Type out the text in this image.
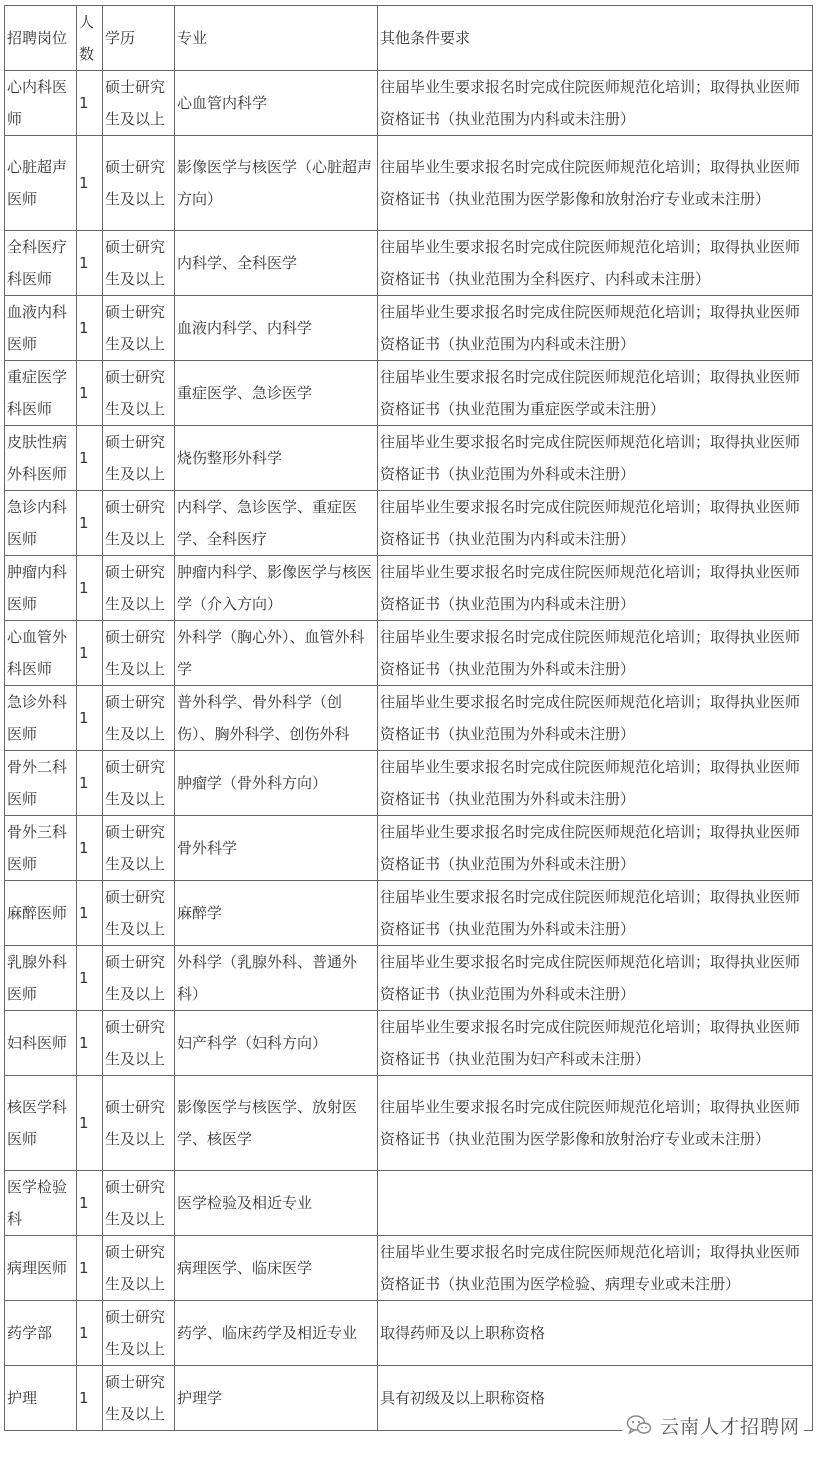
招聘岗位	人数	学历	专业	其他条件要求
心内科医师	1	硕士研究生及以上	心血管内科学	往届毕业生要求报名时完成住院医师规范化培训；取得执业医师资格证书（执业范围为内科或未注册）
心脏超声医师	1	硕士研究生及以上	影像医学与核医学（心脏超声方向）	往届毕业生要求报名时完成住院医师规范化培训；取得执业医师资格证书（执业范围为医学影像和放射治疗专业或未注册）
全科医疗科医师	1	硕士研究生及以上	内科学、全科医学	往届毕业生要求报名时完成住院医师规范化培训；取得执业医师资格证书（执业范围为全科医疗、内科或未注册）
血液内科医师	1	硕士研究生及以上	血液内科学、内科学	往届毕业生要求报名时完成住院医师规范化培训；取得执业医师资格证书（执业范围为内科或未注册）
重症医学科医师	1	硕士研究生及以上	重症医学、急诊医学	往届毕业生要求报名时完成住院医师规范化培训；取得执业医师资格证书（执业范围为重症医学或未注册）
皮肤性病外科医师	1	硕士研究生及以上	烧伤整形外科学	往届毕业生要求报名时完成住院医师规范化培训；取得执业医师资格证书（执业范围为外科或未注册）
急诊内科医师	1	硕士研究生及以上	内科学、急诊医学、重症医学、全科医疗	往届毕业生要求报名时完成住院医师规范化培训；取得执业医师资格证书（执业范围为内科或未注册）
肿瘤内科医师	1	硕士研究生及以上	肿瘤内科学、影像医学与核医学（介入方向）	往届毕业生要求报名时完成住院医师规范化培训；取得执业医师资格证书（执业范围为内科或未注册）
心血管外科医师	1	硕士研究生及以上	外科学（胸心外）、血管外科学	往届毕业生要求报名时完成住院医师规范化培训；取得执业医师资格证书（执业范围为外科或未注册）
急诊外科医师	1	硕士研究生及以上	普外科学、骨外科学（创伤）、胸外科学、创伤外科	往届毕业生要求报名时完成住院医师规范化培训；取得执业医师资格证书（执业范围为外科或未注册）
骨外二科医师	1	硕士研究生及以上	肿瘤学（骨外科方向）	往届毕业生要求报名时完成住院医师规范化培训；取得执业医师资格证书（执业范围为外科或未注册）
骨外三科医师	1	硕士研究生及以上	骨外科学	往届毕业生要求报名时完成住院医师规范化培训；取得执业医师资格证书（执业范围为外科或未注册）
麻醉医师	1	硕士研究生及以上	麻醉学	往届毕业生要求报名时完成住院医师规范化培训；取得执业医师资格证书（执业范围为外科或未注册）
乳腺外科医师	1	硕士研究生及以上	外科学（乳腺外科、普通外科）	往届毕业生要求报名时完成住院医师规范化培训；取得执业医师资格证书（执业范围为外科或未注册）
妇科医师	1	硕士研究生及以上	妇产科学（妇科方向）	往届毕业生要求报名时完成住院医师规范化培训；取得执业医师资格证书（执业范围为妇产科或未注册）
核医学科医师	1	硕士研究生及以上	影像医学与核医学、放射医学、核医学	往届毕业生要求报名时完成住院医师规范化培训；取得执业医师资格证书（执业范围为医学影像和放射治疗专业或未注册）
医学检验科	1	硕士研究生及以上	医学检验及相近专业	
病理医师	1	硕士研究生及以上	病理医学、临床医学	往届毕业生要求报名时完成住院医师规范化培训；取得执业医师资格证书（执业范围为医学检验、病理专业或未注册）
药学部	1	硕士研究生及以上	药学、临床药学及相近专业	取得药师及以上职称资格
护理	1	硕士研究生及以上	护理学	具有初级及以上职称资格
云南人才招聘网
